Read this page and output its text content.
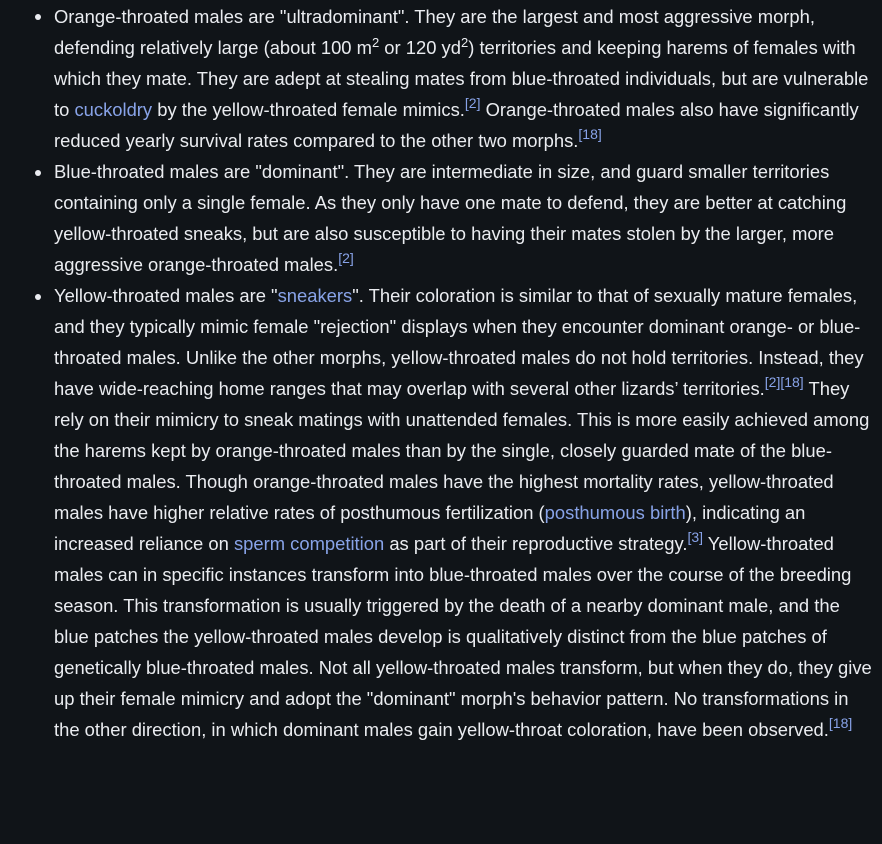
Orange-throated males are "ultradominant". They are the largest and most aggressive morph, defending relatively large (about 100 $m^2$ or 120 $yd^2$) territories and keeping harems of females with which they mate. They are adept at stealing mates from blue-throated individuals, but are vulnerable to cuckoldry by the yellow-throated female mimics.[2] Orange-throated males also have significantly reduced yearly survival rates compared to the other two morphs.[18]
Blue-throated males are "dominant". They are intermediate in size, and guard smaller territories containing only a single female. As they only have one mate to defend, they are better at catching yellow-throated sneaks, but are also susceptible to having their mates stolen by the larger, more aggressive orange-throated males.[2]
Yellow-throated males are "sneakers". Their coloration is similar to that of sexually mature females, and they typically mimic female "rejection" displays when they encounter dominant orange- or blue-throated males. Unlike the other morphs, yellow-throated males do not hold territories. Instead, they have wide-reaching home ranges that may overlap with several other lizards’ territories.[2][18] They rely on their mimicry to sneak matings with unattended females. This is more easily achieved among the harems kept by orange-throated males than by the single, closely guarded mate of the blue-throated males. Though orange-throated males have the highest mortality rates, yellow-throated males have higher relative rates of posthumous fertilization (posthumous birth), indicating an increased reliance on sperm competition as part of their reproductive strategy.[3] Yellow-throated males can in specific instances transform into blue-throated males over the course of the breeding season. This transformation is usually triggered by the death of a nearby dominant male, and the blue patches the yellow-throated males develop is qualitatively distinct from the blue patches of genetically blue-throated males. Not all yellow-throated males transform, but when they do, they give up their female mimicry and adopt the "dominant" morph's behavior pattern. No transformations in the other direction, in which dominant males gain yellow-throat coloration, have been observed.[18]
